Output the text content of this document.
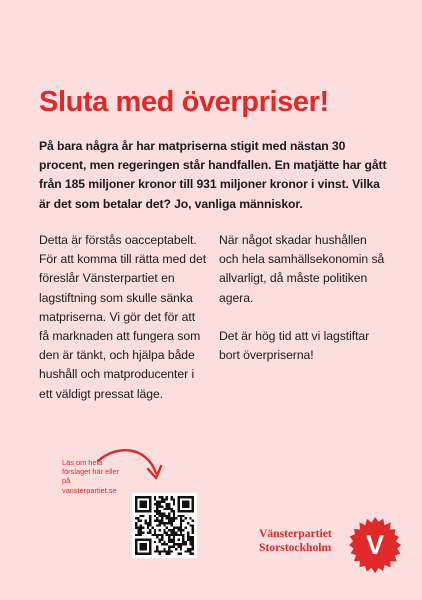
Sluta med överpriser!

På bara några år har matpriserna stigit med nästan 30 procent, men regeringen står handfallen. En matjätte har gått från 185 miljoner kronor till 931 miljoner kronor i vinst. Vilka är det som betalar det? Jo, vanliga människor.

Detta är förstås oacceptabelt. För att komma till rätta med det föreslår Vänsterpartiet en lagstiftning som skulle sänka matpriserna. Vi gör det för att få marknaden att fungera som den är tänkt, och hjälpa både hushåll och matproducenter i ett väldigt pressat läge.

När något skadar hushållen och hela samhällsekonomin så allvarligt, då måste politiken agera.

Det är hög tid att vi lagstiftar bort överpriserna!

Läs om hela förslaget här eller på vansterpartiet.se

Vänsterpartiet
Storstockholm V
